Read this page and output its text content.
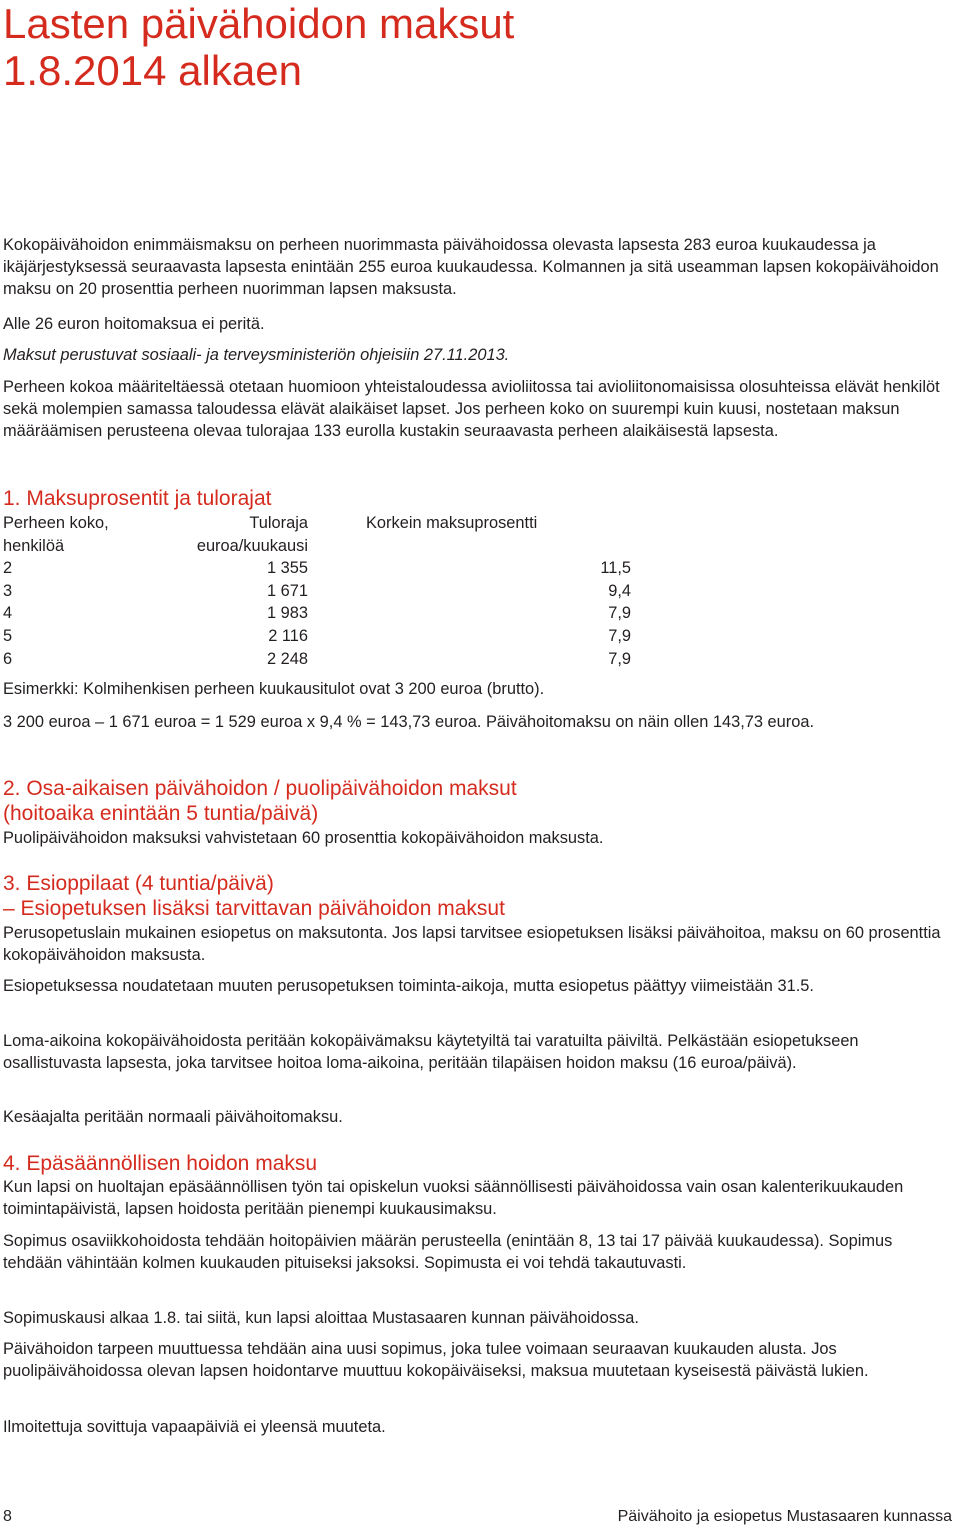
Lasten päivähoidon maksut
1.8.2014 alkaen

Kokopäivähoidon enimmäismaksu on perheen nuorimmasta päivähoidossa olevasta lapsesta 283 euroa kuukaudessa ja ikäjärjestyksessä seuraavasta lapsesta enintään 255 euroa kuukaudessa. Kolmannen ja sitä useamman lapsen kokopäivähoidon maksu on 20 prosenttia perheen nuorimman lapsen maksusta.

Alle 26 euron hoitomaksua ei peritä.

Maksut perustuvat sosiaali- ja terveysministeriön ohjeisiin 27.11.2013.

Perheen kokoa määriteltäessä otetaan huomioon yhteistaloudessa avioliitossa tai avioliitonomaisissa olosuhteissa elävät henkilöt sekä molempien samassa taloudessa elävät alaikäiset lapset. Jos perheen koko on suurempi kuin kuusi, nostetaan maksun määräämisen perusteena olevaa tulorajaa 133 eurolla kustakin seuraavasta perheen alaikäisestä lapsesta.

1. Maksuprosentit ja tulorajat
Perheen koko,	Tuloraja	Korkein maksuprosentti
henkilöä	euroa/kuukausi	
2	1 355	11,5
3	1 671	9,4
4	1 983	7,9
5	2 116	7,9
6	2 248	7,9

Esimerkki: Kolmihenkisen perheen kuukausitulot ovat 3 200 euroa (brutto).

3 200 euroa – 1 671 euroa = 1 529 euroa x 9,4 % = 143,73 euroa. Päivähoitomaksu on näin ollen 143,73 euroa.

2. Osa-aikaisen päivähoidon / puolipäivähoidon maksut
(hoitoaika enintään 5 tuntia/päivä)

Puolipäivähoidon maksuksi vahvistetaan 60 prosenttia kokopäivähoidon maksusta.

3. Esioppilaat (4 tuntia/päivä)
– Esiopetuksen lisäksi tarvittavan päivähoidon maksut

Perusopetuslain mukainen esiopetus on maksutonta. Jos lapsi tarvitsee esiopetuksen lisäksi päivähoitoa, maksu on 60 prosenttia kokopäivähoidon maksusta.

Esiopetuksessa noudatetaan muuten perusopetuksen toiminta-aikoja, mutta esiopetus päättyy viimeistään 31.5.

Loma-aikoina kokopäivähoidosta peritään kokopäivämaksu käytetyiltä tai varatuilta päiviltä. Pelkästään esiopetukseen osallistuvasta lapsesta, joka tarvitsee hoitoa loma-aikoina, peritään tilapäisen hoidon maksu (16 euroa/päivä).

Kesäajalta peritään normaali päivähoitomaksu.

4. Epäsäännöllisen hoidon maksu

Kun lapsi on huoltajan epäsäännöllisen työn tai opiskelun vuoksi säännöllisesti päivähoidossa vain osan kalenterikuukauden toimintapäivistä, lapsen hoidosta peritään pienempi kuukausimaksu.

Sopimus osaviikkohoidosta tehdään hoitopäivien määrän perusteella (enintään 8, 13 tai 17 päivää kuukaudessa). Sopimus tehdään vähintään kolmen kuukauden pituiseksi jaksoksi. Sopimusta ei voi tehdä takautuvasti.

Sopimuskausi alkaa 1.8. tai siitä, kun lapsi aloittaa Mustasaaren kunnan päivähoidossa.

Päivähoidon tarpeen muuttuessa tehdään aina uusi sopimus, joka tulee voimaan seuraavan kuukauden alusta. Jos puolipäivähoidossa olevan lapsen hoidontarve muuttuu kokopäiväiseksi, maksua muutetaan kyseisestä päivästä lukien.

Ilmoitettuja sovittuja vapaapäiviä ei yleensä muuteta.

8	Päivähoito ja esiopetus Mustasaaren kunnassa
